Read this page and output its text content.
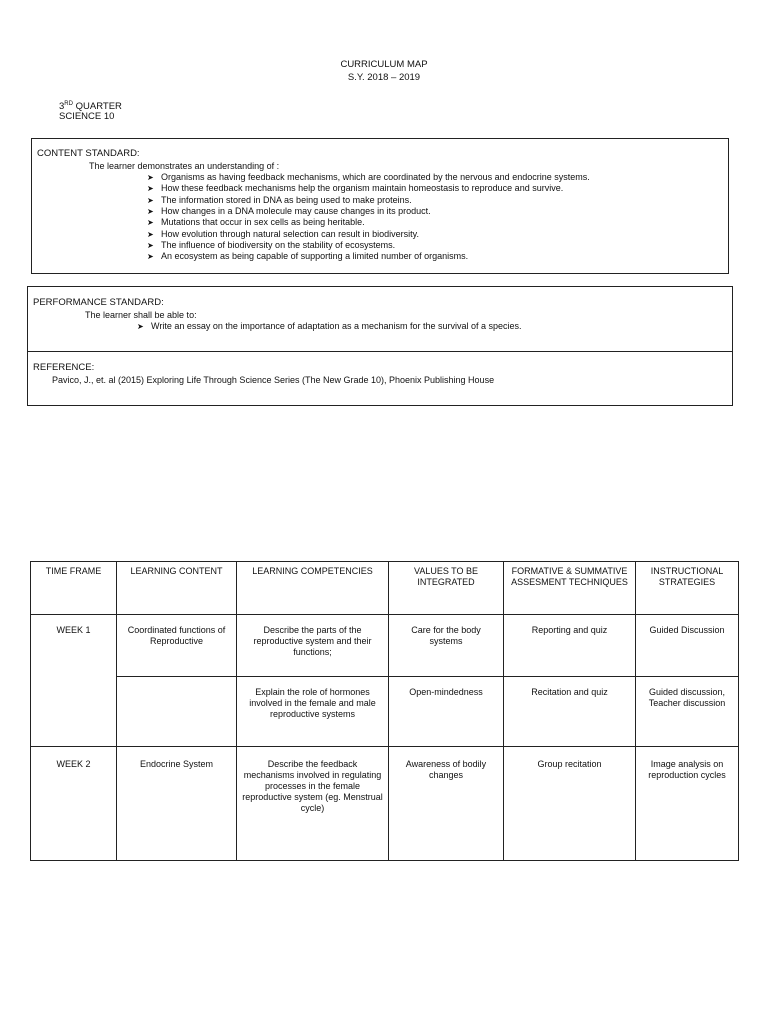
CURRICULUM MAP
S.Y. 2018 – 2019
3RD QUARTER
SCIENCE 10
CONTENT STANDARD:
The learner demonstrates an understanding of :
➤ Organisms as having feedback mechanisms, which are coordinated by the nervous and endocrine systems.
➤ How these feedback mechanisms help the organism maintain homeostasis to reproduce and survive.
➤ The information stored in DNA as being used to make proteins.
➤ How changes in a DNA molecule may cause changes in its product.
➤ Mutations that occur in sex cells as being heritable.
➤ How evolution through natural selection can result in biodiversity.
➤ The influence of biodiversity on the stability of ecosystems.
➤ An ecosystem as being capable of supporting a limited number of organisms.
PERFORMANCE STANDARD:
The learner shall be able to:
➤ Write an essay on the importance of adaptation as a mechanism for the survival of a species.
REFERENCE:
Pavico, J., et. al (2015) Exploring Life Through Science Series (The New Grade 10), Phoenix Publishing House
TIME FRAME	LEARNING CONTENT	LEARNING COMPETENCIES	VALUES TO BE INTEGRATED	FORMATIVE & SUMMATIVE ASSESMENT TECHNIQUES	INSTRUCTIONAL STRATEGIES
WEEK 1	Coordinated functions of Reproductive	Describe the parts of the reproductive system and their functions;	Care for the body systems	Reporting and quiz	Guided Discussion
		Explain the role of hormones involved in the female and male reproductive systems	Open-mindedness	Recitation and quiz	Guided discussion, Teacher discussion
WEEK 2	Endocrine System	Describe the feedback mechanisms involved in regulating processes in the female reproductive system (eg. Menstrual cycle)	Awareness of bodily changes	Group recitation	Image analysis on reproduction cycles
